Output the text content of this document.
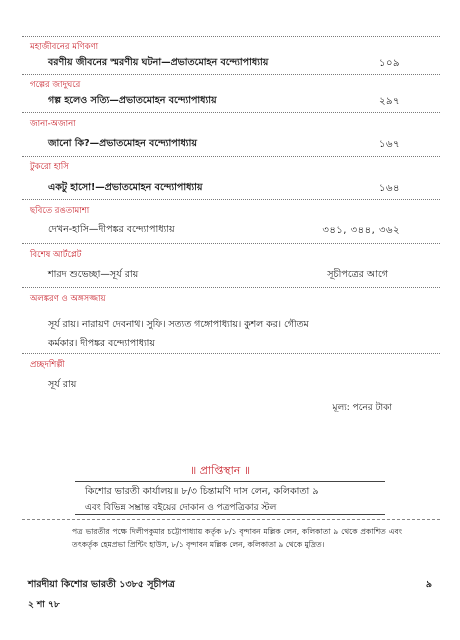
মহাজীবনের মণিকণা
বরণীয় জীবনের স্মরণীয় ঘটনা—প্রভাতমোহন বন্দ্যোপাধ্যায়	১০৯
গল্পের জাদুঘরে
গল্প হলেও সত্যি—প্রভাতমোহন বন্দ্যোপাধ্যায়	২৯৭
জানা-অজানা
জানো কি?—প্রভাতমোহন বন্দ্যোপাধ্যায়	১৬৭
টুকরো হাসি
একটু হাসো!—প্রভাতমোহন বন্দ্যোপাধ্যায়	১৬৪
ছবিতে রঙতামাশা
দেখন-হাসি—দীপঙ্কর বন্দ্যোপাধ্যায়	৩৪১, ৩৪৪, ৩৬২
বিশেষ আর্টপ্লেট
শারদ শুভেচ্ছা—সূর্য রায়	সূচীপত্রের আগে
অলঙ্করণ ও অঙ্গসজ্জায়
সূর্য রায়। নারায়ণ দেবনাথ। সুফি। সত্যত গঙ্গোপাধ্যায়। কুশল কর। গৌতম
কর্মকার। দীপঙ্কর বন্দ্যোপাধ্যায়
প্রচ্ছদশিল্পী
সূর্য রায়
মূল্য: পনের টাকা
॥ প্রাপ্তিস্থান ॥
কিশোর ভারতী কার্যালয়॥ ৮/৩ চিন্তামণি দাস লেন, কলিকাতা ৯
এবং বিভিন্ন সম্ভ্রান্ত বইয়ের দোকান ও পত্রপত্রিকার স্টল
পত্র ভারতীর পক্ষে দিলীপকুমার চট্টোপাধ্যায় কর্তৃক ৮/১ বৃন্দাবন মল্লিক লেন, কলিকাতা ৯ থেকে প্রকাশিত এবং তৎকর্তৃক হেমপ্রভা প্রিন্টিং হাউস, ৮/১ বৃন্দাবন মল্লিক লেন, কলিকাতা ৯ থেকে মুদ্রিত।
শারদীয়া কিশোর ভারতী ১৩৮৫ সূচীপত্র	৯
২ শা ৭৮
